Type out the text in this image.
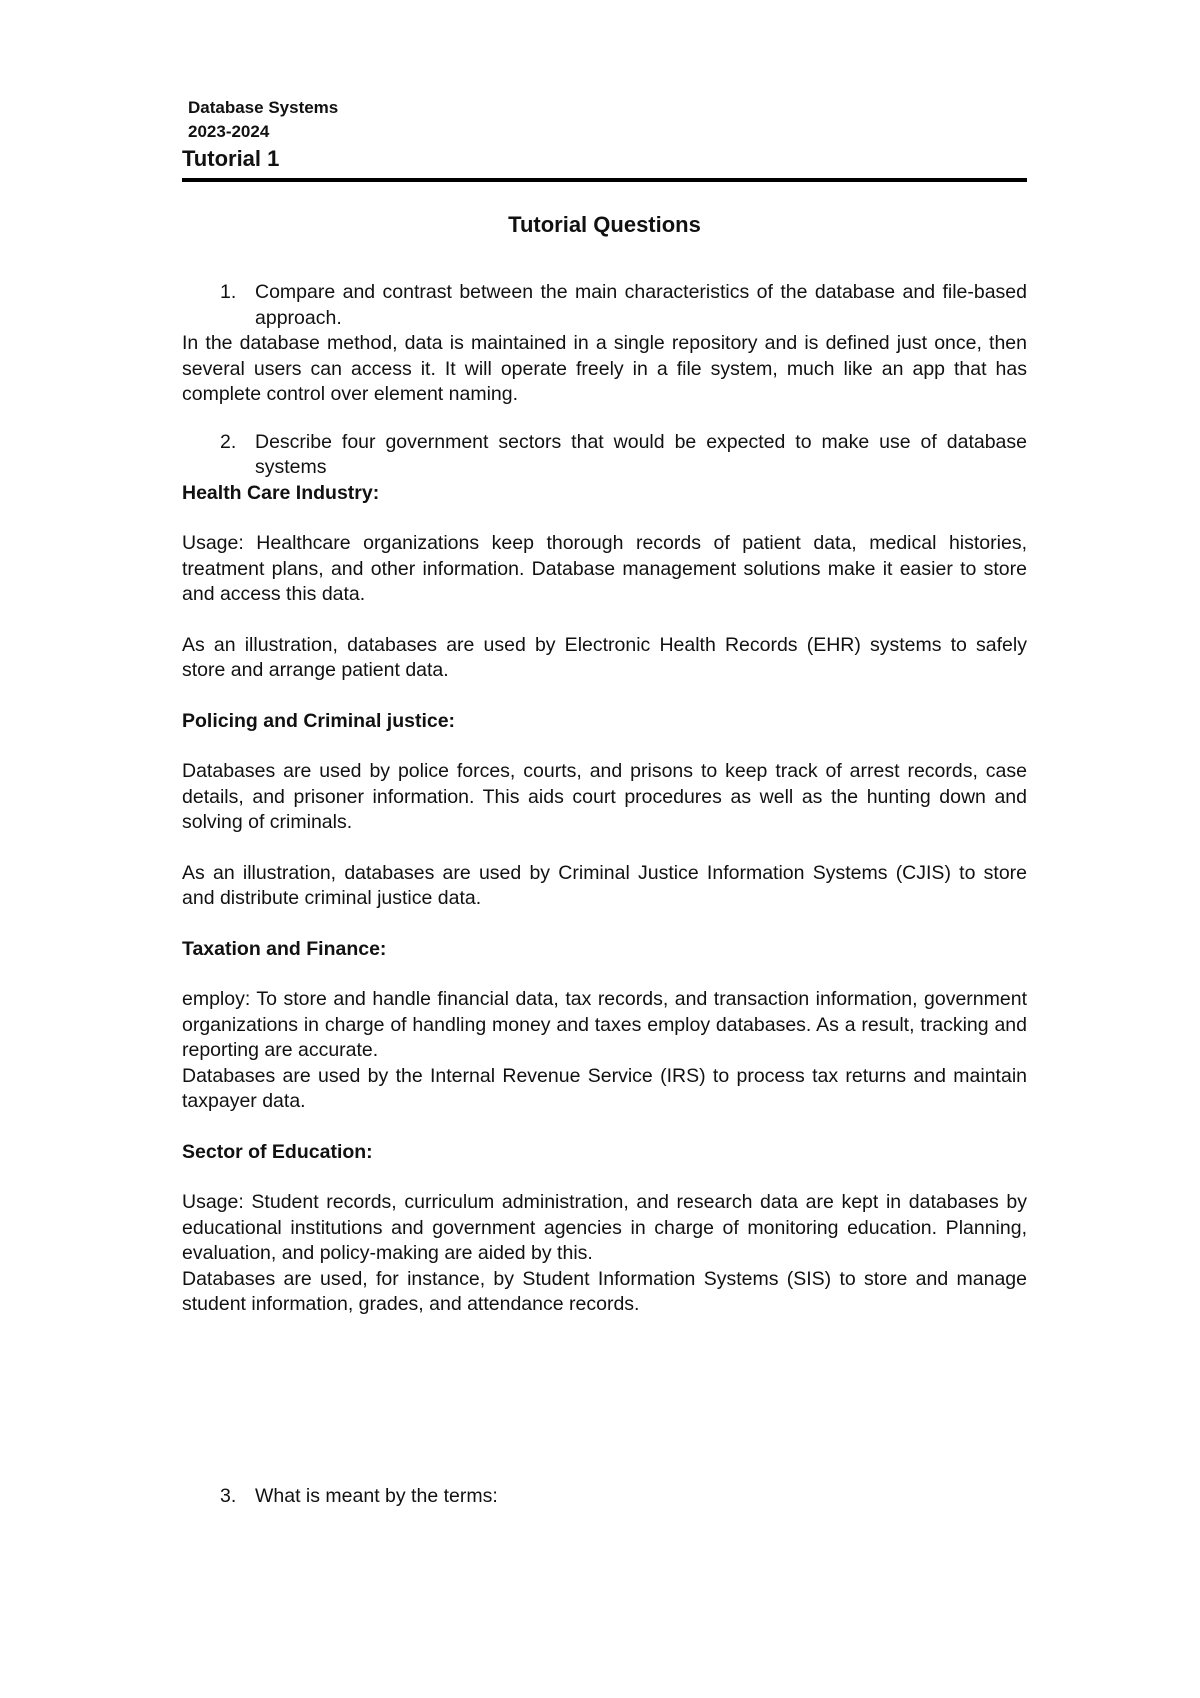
Database Systems
2023-2024
Tutorial 1
Tutorial Questions
1. Compare and contrast between the main characteristics of the database and file-based approach.

In the database method, data is maintained in a single repository and is defined just once, then several users can access it. It will operate freely in a file system, much like an app that has complete control over element naming.

2. Describe four government sectors that would be expected to make use of database systems
Health Care Industry:

Usage: Healthcare organizations keep thorough records of patient data, medical histories, treatment plans, and other information. Database management solutions make it easier to store and access this data.

As an illustration, databases are used by Electronic Health Records (EHR) systems to safely store and arrange patient data.

Policing and Criminal justice:

Databases are used by police forces, courts, and prisons to keep track of arrest records, case details, and prisoner information. This aids court procedures as well as the hunting down and solving of criminals.

As an illustration, databases are used by Criminal Justice Information Systems (CJIS) to store and distribute criminal justice data.

Taxation and Finance:

employ: To store and handle financial data, tax records, and transaction information, government organizations in charge of handling money and taxes employ databases. As a result, tracking and reporting are accurate.

Databases are used by the Internal Revenue Service (IRS) to process tax returns and maintain taxpayer data.

Sector of Education:

Usage: Student records, curriculum administration, and research data are kept in databases by educational institutions and government agencies in charge of monitoring education. Planning, evaluation, and policy-making are aided by this.

Databases are used, for instance, by Student Information Systems (SIS) to store and manage student information, grades, and attendance records.

3. What is meant by the terms:
